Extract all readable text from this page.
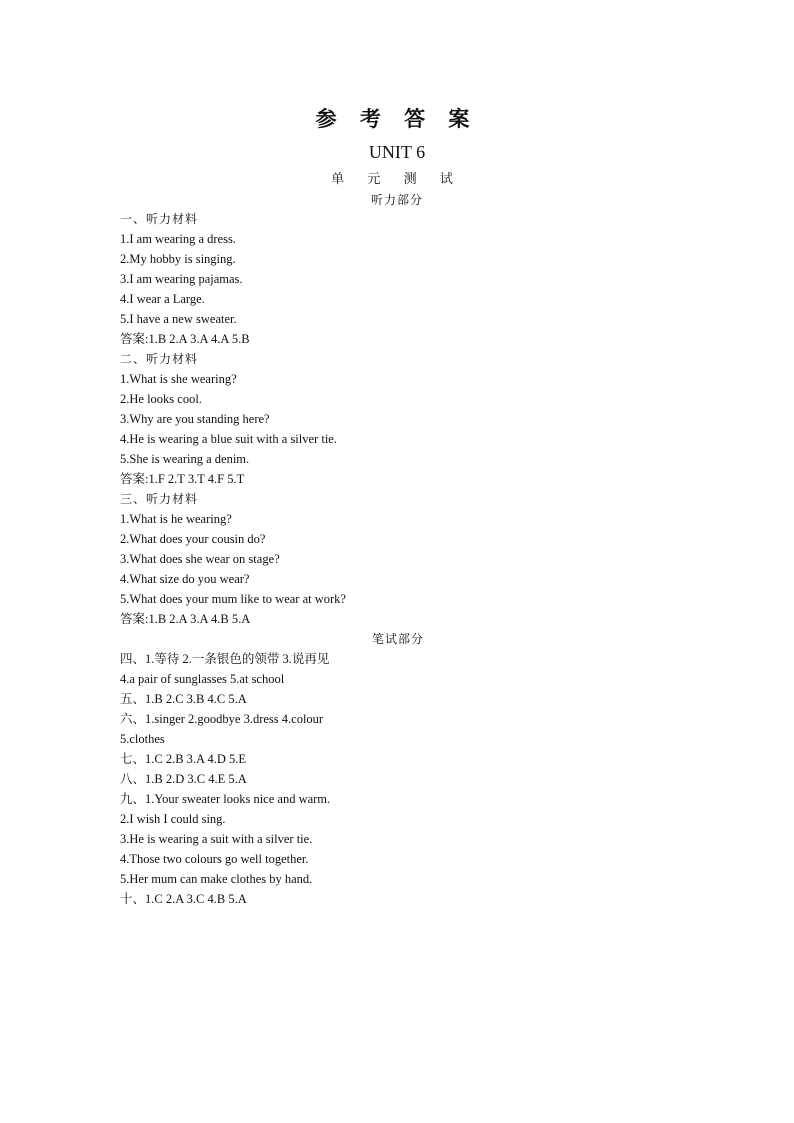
参 考 答 案
UNIT 6
单 元 测 试
听力部分
一、听力材料
1.I am wearing a dress.
2.My hobby is singing.
3.I am wearing pajamas.
4.I wear a Large.
5.I have a new sweater.
答案:1.B 2.A 3.A 4.A 5.B
二、听力材料
1.What is she wearing?
2.He looks cool.
3.Why are you standing here?
4.He is wearing a blue suit with a silver tie.
5.She is wearing a denim.
答案:1.F 2.T 3.T 4.F 5.T
三、听力材料
1.What is he wearing?
2.What does your cousin do?
3.What does she wear on stage?
4.What size do you wear?
5.What does your mum like to wear at work?
答案:1.B 2.A 3.A 4.B 5.A
笔试部分
四、1.等待 2.一条银色的领带 3.说再见
4.a pair of sunglasses 5.at school
五、1.B 2.C 3.B 4.C 5.A
六、1.singer 2.goodbye 3.dress 4.colour
5.clothes
七、1.C 2.B 3.A 4.D 5.E
八、1.B 2.D 3.C 4.E 5.A
九、1.Your sweater looks nice and warm.
2.I wish I could sing.
3.He is wearing a suit with a silver tie.
4.Those two colours go well together.
5.Her mum can make clothes by hand.
十、1.C 2.A 3.C 4.B 5.A
